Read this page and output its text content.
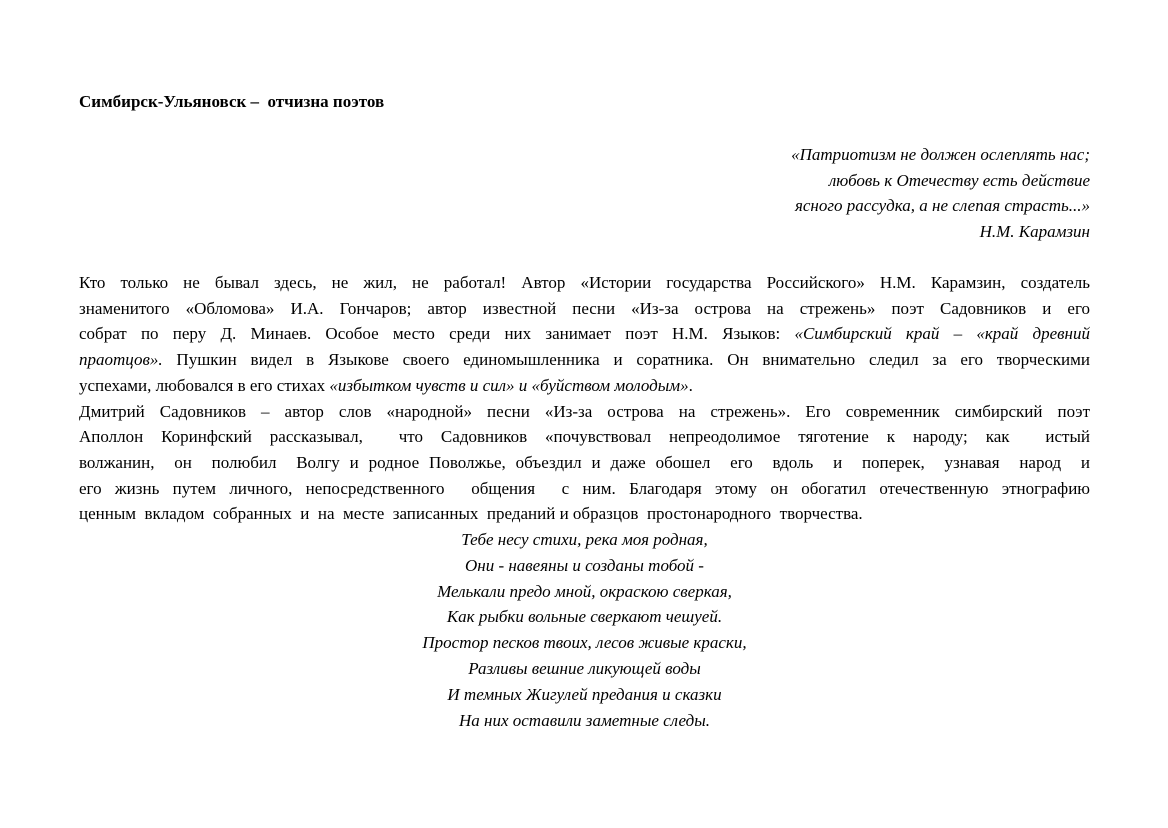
Симбирск-Ульяновск –  отчизна поэтов
«Патриотизм не должен ослеплять нас;
любовь к Отечеству есть действие
ясного рассудка, а не слепая страсть...»
Н.М. Карамзин
Кто только не бывал здесь, не жил, не работал! Автор «Истории государства Российского» Н.М. Карамзин, создатель
знаменитого «Обломова» И.А. Гончаров; автор известной песни «Из-за острова на стрежень» поэт Садовников и его
собрат по перу Д. Минаев. Особое место среди них занимает поэт Н.М. Языков: «Симбирский край – «край древний
праотцов». Пушкин видел в Языкове своего единомышленника и соратника. Он внимательно следил за его творческими
успехами, любовался в его стихах «избытком чувств и сил» и «буйством молодым».
Дмитрий Садовников – автор слов «народной» песни «Из-за острова на стрежень». Его современник симбирский поэт
Аполлон Коринфский рассказывал,  что Садовников «почувствовал непреодолимое тяготение к народу; как  истый
волжанин,  он  полюбил  Волгу и родное Поволжье, объездил и даже обошел  его  вдоль  и  поперек,  узнавая  народ  и
его жизнь путем личного, непосредственного  общения  с ним. Благодаря этому он обогатил отечественную этнографию
ценным  вкладом  собранных  и  на  месте  записанных  преданий и образцов  простонародного  творчества.
Тебе несу стихи, река моя родная,
Они - навеяны и созданы тобой -
Мелькали предо мной, окраскою сверкая,
Как рыбки вольные сверкают чешуей.
Простор песков твоих, лесов живые краски,
Разливы вешние ликующей воды
И темных Жигулей предания и сказки
На них оставили заметные следы.
